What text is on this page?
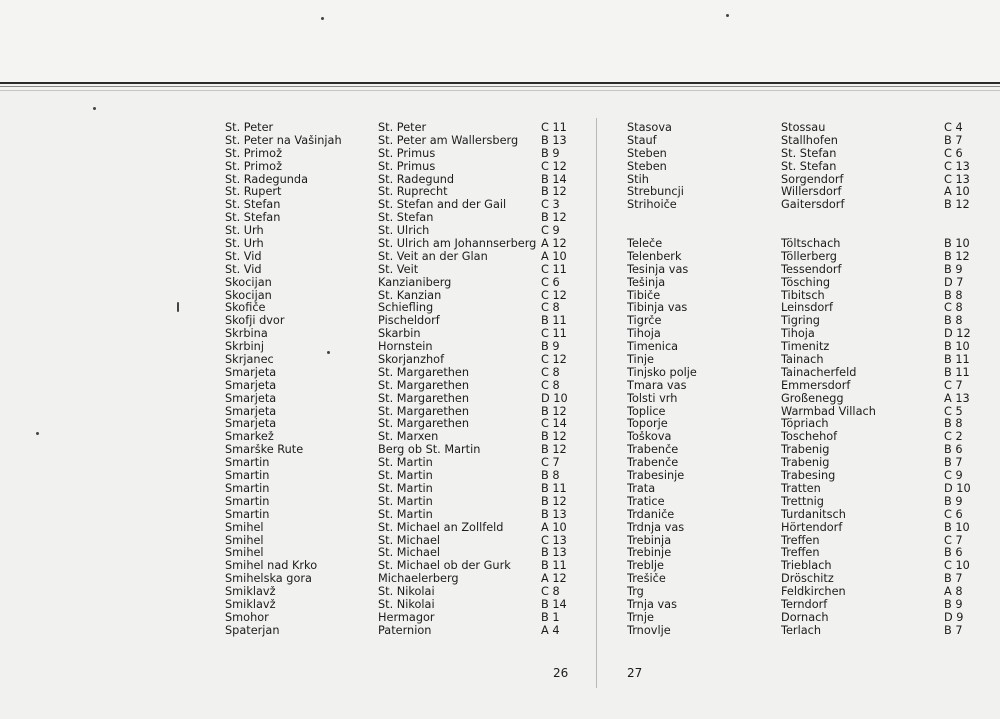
Št. Peter
Št. Peter na Vašinjah
Št. Primož
Št. Primož
Št. Radegunda
Št. Rupert
Št. Štefan
Št. Štefan
Št. Urh
Št. Urh
Št. Vid
Št. Vid
Škocijan
Škocijan
Škofiče
Škofji dvor
Škrbina
Škrbinj
Škrjanec
Šmarjeta
Šmarjeta
Šmarjeta
Šmarjeta
Šmarjeta
Šmarkež
Šmarške Rute
Šmartin
Šmartin
Šmartin
Šmartin
Šmartin
Šmihel
Šmihel
Šmihel
Šmihel nad Krko
Šmihelska gora
Šmiklavž
Šmiklavž
Šmohor
Špaterjan
St. Peter
St. Peter am Wallersberg
St. Primus
St. Primus
St. Radegund
St. Ruprecht
St. Stefan and der Gail
St. Stefan
St. Ulrich
St. Ulrich am Johannserberg
St. Veit an der Glan
St. Veit
Kanzianiberg
St. Kanzian
Schiefling
Pischeldorf
Skarbin
Hornstein
Skorjanzhof
St. Margarethen
St. Margarethen
St. Margarethen
St. Margarethen
St. Margarethen
St. Marxen
Berg ob St. Martin
St. Martin
St. Martin
St. Martin
St. Martin
St. Martin
St. Michael an Zollfeld
St. Michael
St. Michael
St. Michael ob der Gurk
Michaelerberg
St. Nikolai
St. Nikolai
Hermagor
Paternion
C 11
B 13
B 9
C 12
B 14
B 12
C 3
B 12
C 9
A 12
A 10
C 11
C 6
C 12
C 8
B 11
C 11
B 9
C 12
C 8
C 8
D 10
B 12
C 14
B 12
B 12
C 7
B 8
B 11
B 12
B 13
A 10
C 13
B 13
B 11
A 12
C 8
B 14
B 1
A 4
26
Štasova
Štauf
Šteben
Šteben
Štih
Štrebuncji
Štrihoiče
Teleče
Telenberk
Tesinja vas
Tešinja
Tibiče
Tibinja vas
Tigrče
Tihoja
Timenica
Tinje
Tinjsko polje
Tmara vas
Tolsti vrh
Toplice
Toporje
Toškova
Trabenče
Trabenče
Trabesinje
Trata
Tratice
Trdaniče
Trdnja vas
Trebinja
Trebinje
Treblje
Trešiče
Trg
Trnja vas
Trnje
Trnovlje
Stossau
Stallhofen
St. Stefan
St. Stefan
Sorgendorf
Willersdorf
Gaitersdorf
Töltschach
Töllerberg
Tessendorf
Tösching
Tibitsch
Leinsdorf
Tigring
Tihoja
Timenitz
Tainach
Tainacherfeld
Emmersdorf
Großenegg
Warmbad Villach
Töpriach
Toschehof
Trabenig
Trabenig
Trabesing
Tratten
Trettnig
Turdanitsch
Hörtendorf
Treffen
Treffen
Trieblach
Dröschitz
Feldkirchen
Terndorf
Dornach
Terlach
C 4
B 7
C 6
C 13
C 13
A 10
B 12
B 10
B 12
B 9
D 7
B 8
C 8
B 8
D 12
B 10
B 11
B 11
C 7
A 13
C 5
B 8
C 2
B 6
B 7
C 9
D 10
B 9
C 6
B 10
C 7
B 6
C 10
B 7
A 8
B 9
D 9
B 7
27
